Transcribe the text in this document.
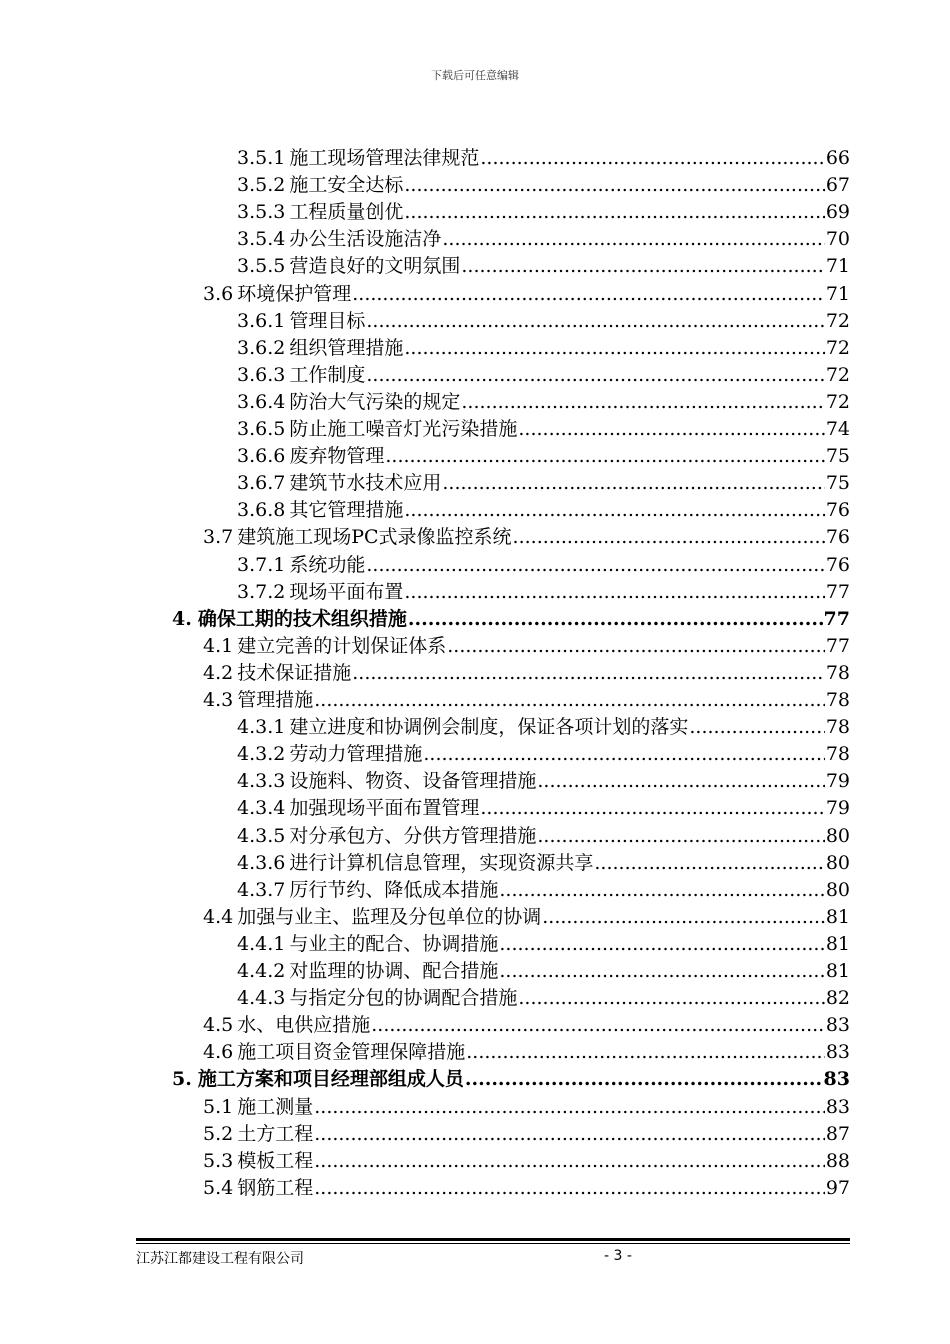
下载后可任意编辑
3.5.1 施工现场管理法律规范 .....	66
3.5.2 施工安全达标 .....	67
3.5.3 工程质量创优 .....	69
3.5.4 办公生活设施洁净 .....	70
3.5.5 营造良好的文明氛围 .....	71
3.6 环境保护管理 .....	71
3.6.1 管理目标 .....	72
3.6.2 组织管理措施 .....	72
3.6.3 工作制度 .....	72
3.6.4 防治大气污染的规定 .....	72
3.6.5 防止施工噪音灯光污染措施 .....	74
3.6.6 废弃物管理 .....	75
3.6.7 建筑节水技术应用 .....	75
3.6.8 其它管理措施 .....	76
3.7 建筑施工现场PC式录像监控系统 .....	76
3.7.1 系统功能 .....	76
3.7.2 现场平面布置 .....	77
4. 确保工期的技术组织措施 .....	77
4.1 建立完善的计划保证体系 .....	77
4.2 技术保证措施 .....	78
4.3 管理措施 .....	78
4.3.1 建立进度和协调例会制度，保证各项计划的落实 .....	78
4.3.2 劳动力管理措施 .....	78
4.3.3 设施料、物资、设备管理措施 .....	79
4.3.4 加强现场平面布置管理 .....	79
4.3.5 对分承包方、分供方管理措施 .....	80
4.3.6 进行计算机信息管理，实现资源共享 .....	80
4.3.7 厉行节约、降低成本措施 .....	80
4.4 加强与业主、监理及分包单位的协调 .....	81
4.4.1 与业主的配合、协调措施 .....	81
4.4.2 对监理的协调、配合措施 .....	81
4.4.3 与指定分包的协调配合措施 .....	82
4.5 水、电供应措施 .....	83
4.6 施工项目资金管理保障措施 .....	83
5. 施工方案和项目经理部组成人员 .....	83
5.1 施工测量 .....	83
5.2 土方工程 .....	87
5.3 模板工程 .....	88
5.4 钢筋工程 .....	97
江苏江都建设工程有限公司	- 3 -
